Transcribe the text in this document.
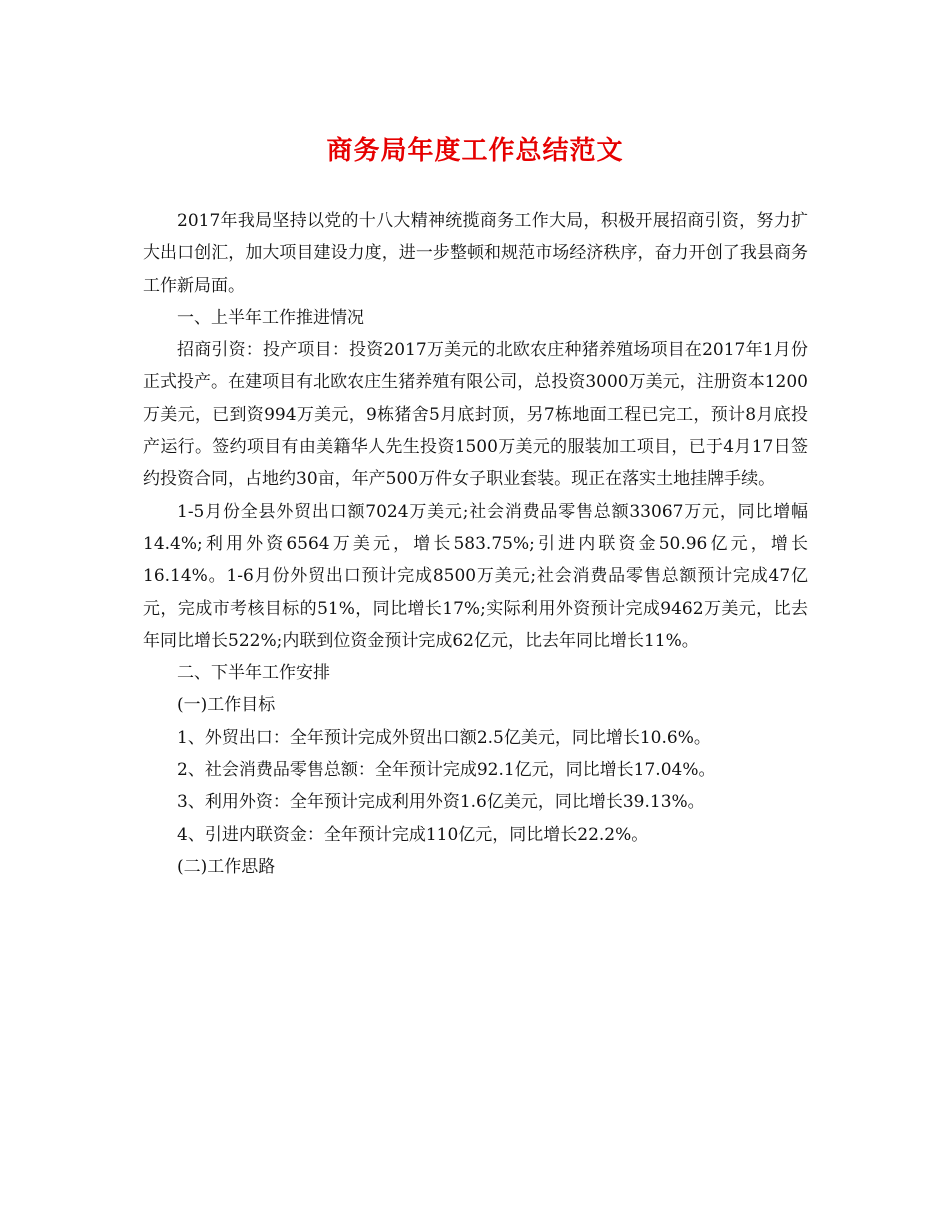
商务局年度工作总结范文

2017年我局坚持以党的十八大精神统揽商务工作大局，积极开展招商引资，努力扩大出口创汇，加大项目建设力度，进一步整顿和规范市场经济秩序，奋力开创了我县商务工作新局面。

一、上半年工作推进情况

招商引资：投产项目：投资2017万美元的北欧农庄种猪养殖场项目在2017年1月份正式投产。在建项目有北欧农庄生猪养殖有限公司，总投资3000万美元，注册资本1200万美元，已到资994万美元，9栋猪舍5月底封顶，另7栋地面工程已完工，预计8月底投产运行。签约项目有由美籍华人先生投资1500万美元的服装加工项目，已于4月17日签约投资合同，占地约30亩，年产500万件女子职业套装。现正在落实土地挂牌手续。

1-5月份全县外贸出口额7024万美元;社会消费品零售总额33067万元，同比增幅14.4%;利用外资6564万美元，增长583.75%;引进内联资金50.96亿元，增长16.14%。1-6月份外贸出口预计完成8500万美元;社会消费品零售总额预计完成47亿元，完成市考核目标的51%，同比增长17%;实际利用外资预计完成9462万美元，比去年同比增长522%;内联到位资金预计完成62亿元，比去年同比增长11%。

二、下半年工作安排

(一)工作目标

1、外贸出口：全年预计完成外贸出口额2.5亿美元，同比增长10.6%。

2、社会消费品零售总额：全年预计完成92.1亿元，同比增长17.04%。

3、利用外资：全年预计完成利用外资1.6亿美元，同比增长39.13%。

4、引进内联资金：全年预计完成110亿元，同比增长22.2%。

(二)工作思路
